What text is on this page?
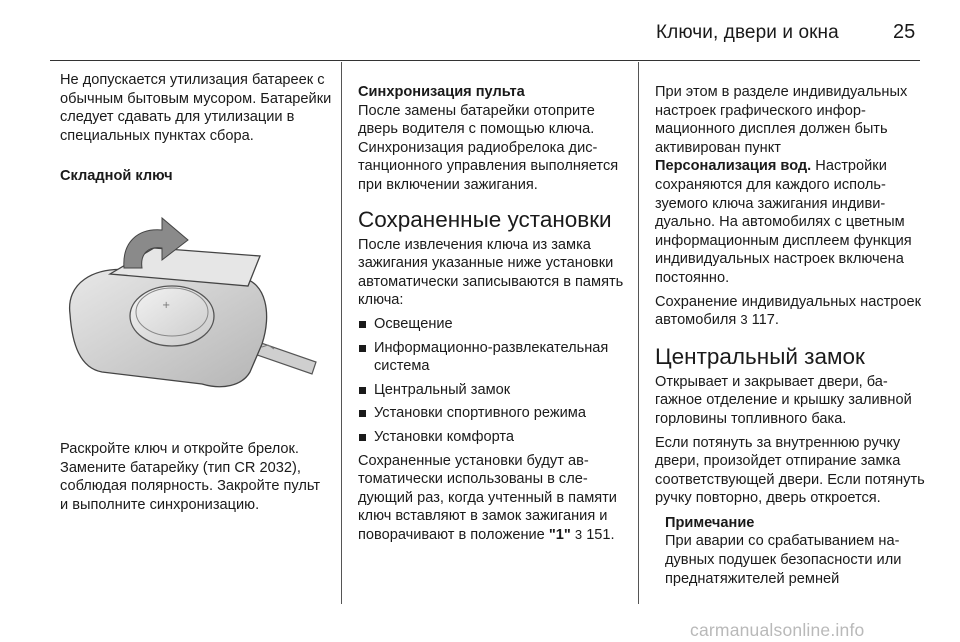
Ключи, двери и окна	25

Не допускается утилизация батареек с обычным бытовым мусором. Батарейки следует сдавать для утилизации в специальных пунктах сбора.

Складной ключ

Раскройте ключ и откройте брелок. Замените батарейку (тип CR 2032), соблюдая полярность. Закройте пульт и выполните синхронизацию.

+

Синхронизация пульта

После замены батарейки отоприте дверь водителя с помощью ключа. Синхронизация радиобрелока дистанционного управления выполняется при включении зажигания.

Сохраненные установки

После извлечения ключа из замка зажигания указанные ниже установки автоматически записываются в память ключа:

Освещение
Информационно-развлекательная система
Центральный замок
Установки спортивного режима
Установки комфорта

Сохраненные установки будут автоматически использованы в следующий раз, когда учтенный в памяти ключ вставляют в замок зажигания и поворачивают в положение "1" 3 151.

При этом в разделе индивидуальных настроек графического информационного дисплея должен быть активирован пункт
Персонализация вод. Настройки сохраняются для каждого используемого ключа зажигания индивидуально. На автомобилях с цветным информационным дисплеем функция индивидуальных настроек включена постоянно.

Сохранение индивидуальных настроек автомобиля 3 117.

Центральный замок

Открывает и закрывает двери, багажное отделение и крышку заливной горловины топливного бака.

Если потянуть за внутреннюю ручку двери, произойдет отпирание замка соответствующей двери. Если потянуть ручку повторно, дверь откроется.

Примечание

При аварии со срабатыванием надувных подушек безопасности или преднатяжителей ремней

carmanualsonline.info
